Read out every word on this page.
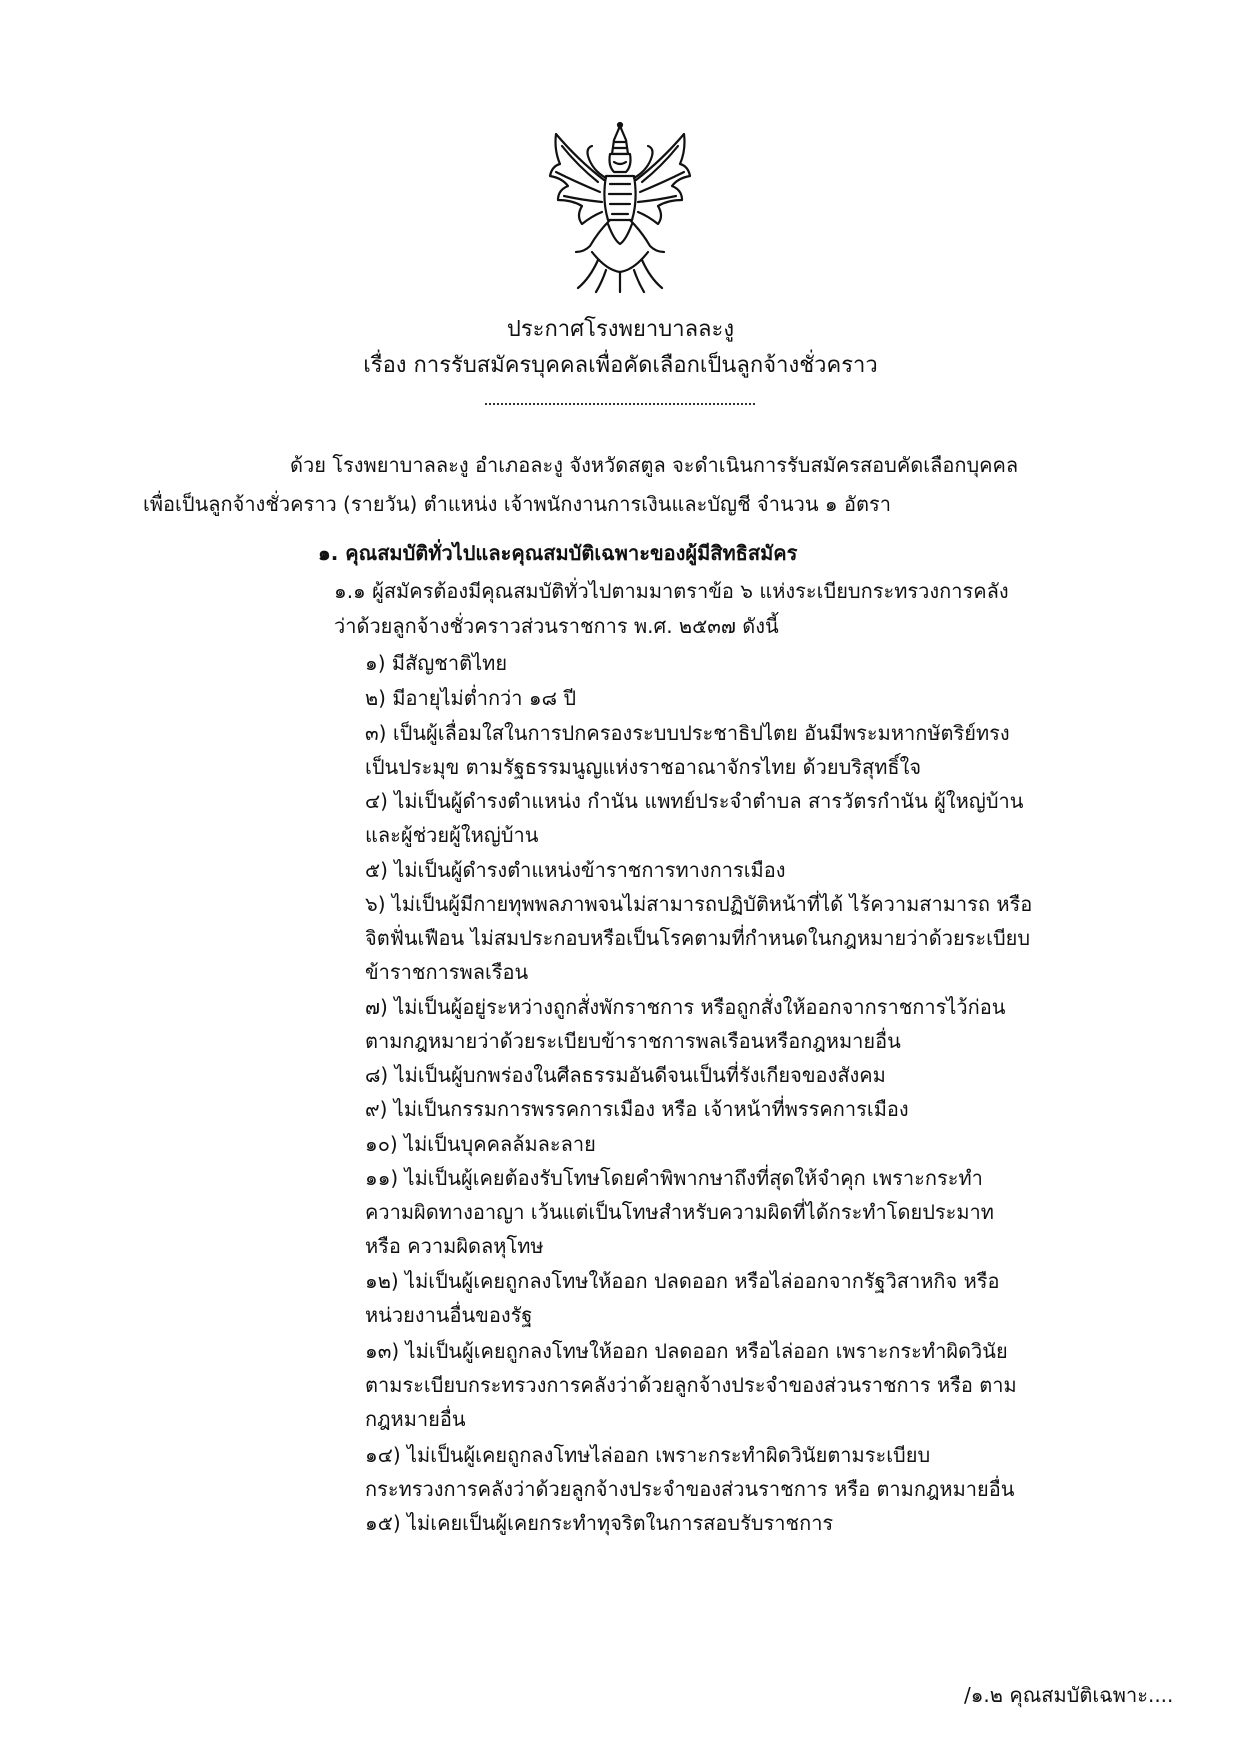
ประกาศโรงพยาบาลละงู
เรื่อง การรับสมัครบุคคลเพื่อคัดเลือกเป็นลูกจ้างชั่วคราว
ด้วย โรงพยาบาลละงู อำเภอละงู จังหวัดสตูล จะดำเนินการรับสมัครสอบคัดเลือกบุคคล
เพื่อเป็นลูกจ้างชั่วคราว (รายวัน) ตำแหน่ง เจ้าพนักงานการเงินและบัญชี จำนวน ๑ อัตรา
๑. คุณสมบัติทั่วไปและคุณสมบัติเฉพาะของผู้มีสิทธิสมัคร
๑.๑ ผู้สมัครต้องมีคุณสมบัติทั่วไปตามมาตราข้อ ๖ แห่งระเบียบกระทรวงการคลัง
ว่าด้วยลูกจ้างชั่วคราวส่วนราชการ พ.ศ. ๒๕๓๗ ดังนี้
๑) มีสัญชาติไทย
๒) มีอายุไม่ต่ำกว่า ๑๘ ปี
๓) เป็นผู้เลื่อมใสในการปกครองระบบประชาธิปไตย อันมีพระมหากษัตริย์ทรง
เป็นประมุข ตามรัฐธรรมนูญแห่งราชอาณาจักรไทย ด้วยบริสุทธิ์ใจ
๔) ไม่เป็นผู้ดำรงตำแหน่ง กำนัน แพทย์ประจำตำบล สารวัตรกำนัน ผู้ใหญ่บ้าน
และผู้ช่วยผู้ใหญ่บ้าน
๕) ไม่เป็นผู้ดำรงตำแหน่งข้าราชการทางการเมือง
๖) ไม่เป็นผู้มีกายทุพพลภาพจนไม่สามารถปฏิบัติหน้าที่ได้ ไร้ความสามารถ หรือ
จิตฟั่นเฟือน ไม่สมประกอบหรือเป็นโรคตามที่กำหนดในกฎหมายว่าด้วยระเบียบ
ข้าราชการพลเรือน
๗) ไม่เป็นผู้อยู่ระหว่างถูกสั่งพักราชการ หรือถูกสั่งให้ออกจากราชการไว้ก่อน
ตามกฎหมายว่าด้วยระเบียบข้าราชการพลเรือนหรือกฎหมายอื่น
๘) ไม่เป็นผู้บกพร่องในศีลธรรมอันดีจนเป็นที่รังเกียจของสังคม
๙) ไม่เป็นกรรมการพรรคการเมือง หรือ เจ้าหน้าที่พรรคการเมือง
๑๐) ไม่เป็นบุคคลล้มละลาย
๑๑) ไม่เป็นผู้เคยต้องรับโทษโดยคำพิพากษาถึงที่สุดให้จำคุก เพราะกระทำ
ความผิดทางอาญา เว้นแต่เป็นโทษสำหรับความผิดที่ได้กระทำโดยประมาท
หรือ ความผิดลหุโทษ
๑๒) ไม่เป็นผู้เคยถูกลงโทษให้ออก ปลดออก หรือไล่ออกจากรัฐวิสาหกิจ หรือ
หน่วยงานอื่นของรัฐ
๑๓) ไม่เป็นผู้เคยถูกลงโทษให้ออก ปลดออก หรือไล่ออก เพราะกระทำผิดวินัย
ตามระเบียบกระทรวงการคลังว่าด้วยลูกจ้างประจำของส่วนราชการ หรือ ตาม
กฎหมายอื่น
๑๔) ไม่เป็นผู้เคยถูกลงโทษไล่ออก เพราะกระทำผิดวินัยตามระเบียบ
กระทรวงการคลังว่าด้วยลูกจ้างประจำของส่วนราชการ หรือ ตามกฎหมายอื่น
๑๕) ไม่เคยเป็นผู้เคยกระทำทุจริตในการสอบรับราชการ
/๑.๒ คุณสมบัติเฉพาะ....
